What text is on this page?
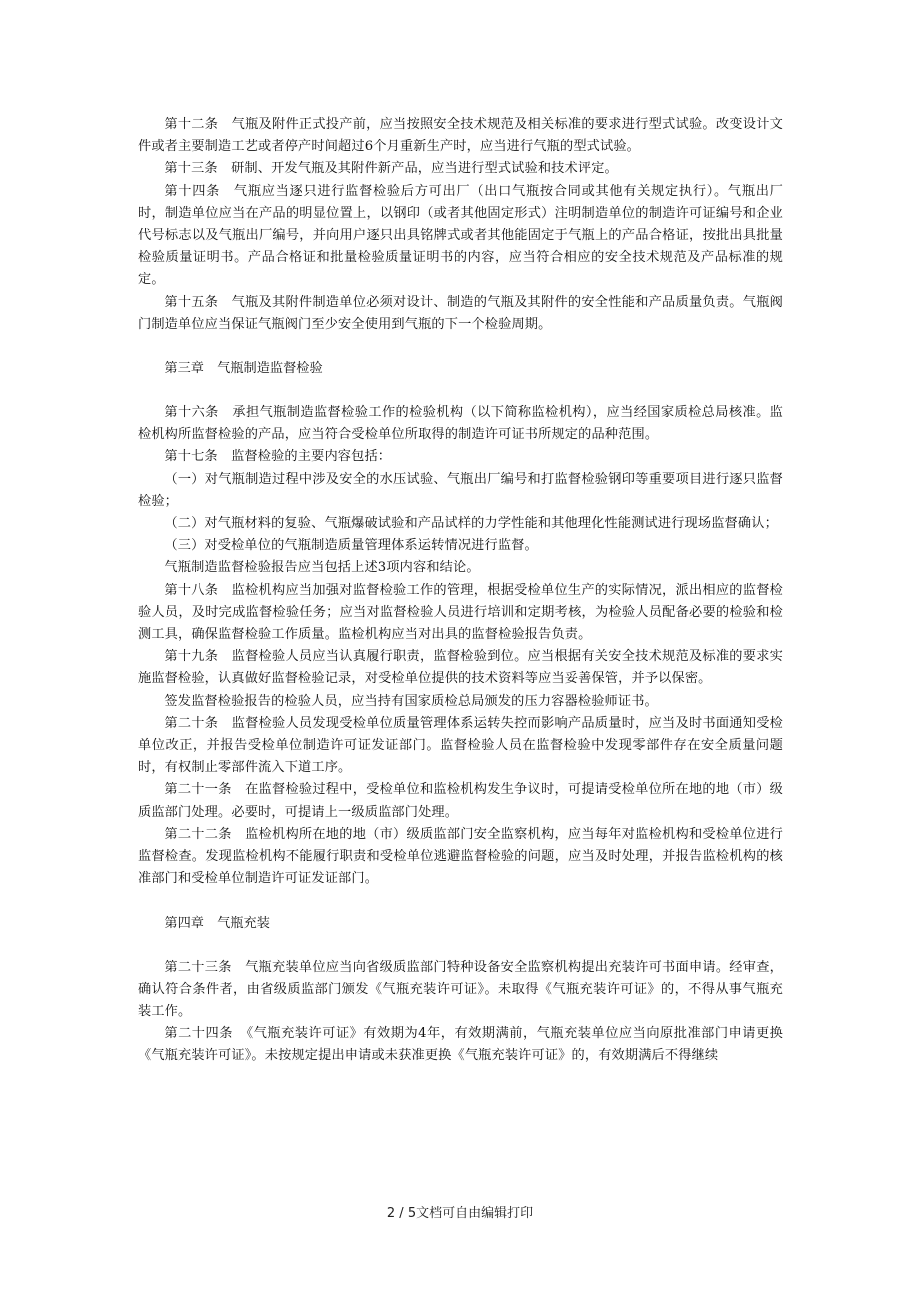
第十二条　气瓶及附件正式投产前，应当按照安全技术规范及相关标准的要求进行型式试验。改变设计文件或者主要制造工艺或者停产时间超过6个月重新生产时，应当进行气瓶的型式试验。

第十三条　研制、开发气瓶及其附件新产品，应当进行型式试验和技术评定。

第十四条　气瓶应当逐只进行监督检验后方可出厂（出口气瓶按合同或其他有关规定执行）。气瓶出厂时，制造单位应当在产品的明显位置上，以钢印（或者其他固定形式）注明制造单位的制造许可证编号和企业代号标志以及气瓶出厂编号，并向用户逐只出具铭牌式或者其他能固定于气瓶上的产品合格证，按批出具批量检验质量证明书。产品合格证和批量检验质量证明书的内容，应当符合相应的安全技术规范及产品标准的规定。

第十五条　气瓶及其附件制造单位必须对设计、制造的气瓶及其附件的安全性能和产品质量负责。气瓶阀门制造单位应当保证气瓶阀门至少安全使用到气瓶的下一个检验周期。

第三章　气瓶制造监督检验

第十六条　承担气瓶制造监督检验工作的检验机构（以下简称监检机构），应当经国家质检总局核准。监检机构所监督检验的产品，应当符合受检单位所取得的制造许可证书所规定的品种范围。

第十七条　监督检验的主要内容包括：

（一）对气瓶制造过程中涉及安全的水压试验、气瓶出厂编号和打监督检验钢印等重要项目进行逐只监督检验；

（二）对气瓶材料的复验、气瓶爆破试验和产品试样的力学性能和其他理化性能测试进行现场监督确认；

（三）对受检单位的气瓶制造质量管理体系运转情况进行监督。

气瓶制造监督检验报告应当包括上述3项内容和结论。

第十八条　监检机构应当加强对监督检验工作的管理，根据受检单位生产的实际情况，派出相应的监督检验人员，及时完成监督检验任务；应当对监督检验人员进行培训和定期考核，为检验人员配备必要的检验和检测工具，确保监督检验工作质量。监检机构应当对出具的监督检验报告负责。

第十九条　监督检验人员应当认真履行职责，监督检验到位。应当根据有关安全技术规范及标准的要求实施监督检验，认真做好监督检验记录，对受检单位提供的技术资料等应当妥善保管，并予以保密。

签发监督检验报告的检验人员，应当持有国家质检总局颁发的压力容器检验师证书。

第二十条　监督检验人员发现受检单位质量管理体系运转失控而影响产品质量时，应当及时书面通知受检单位改正，并报告受检单位制造许可证发证部门。监督检验人员在监督检验中发现零部件存在安全质量问题时，有权制止零部件流入下道工序。

第二十一条　在监督检验过程中，受检单位和监检机构发生争议时，可提请受检单位所在地的地（市）级质监部门处理。必要时，可提请上一级质监部门处理。

第二十二条　监检机构所在地的地（市）级质监部门安全监察机构，应当每年对监检机构和受检单位进行监督检查。发现监检机构不能履行职责和受检单位逃避监督检验的问题，应当及时处理，并报告监检机构的核准部门和受检单位制造许可证发证部门。

第四章　气瓶充装

第二十三条　气瓶充装单位应当向省级质监部门特种设备安全监察机构提出充装许可书面申请。经审查，确认符合条件者，由省级质监部门颁发《气瓶充装许可证》。未取得《气瓶充装许可证》的，不得从事气瓶充装工作。

第二十四条　《气瓶充装许可证》有效期为4年，有效期满前，气瓶充装单位应当向原批准部门申请更换《气瓶充装许可证》。未按规定提出申请或未获准更换《气瓶充装许可证》的，有效期满后不得继续

2 / 5文档可自由编辑打印
